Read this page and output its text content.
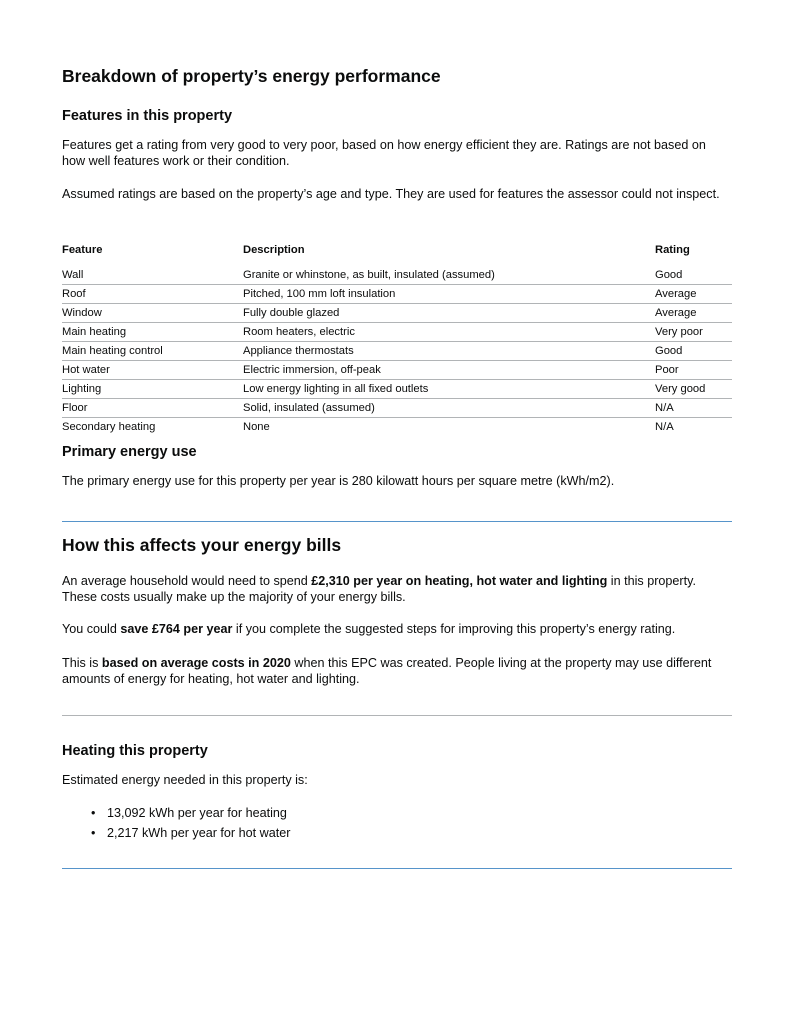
Breakdown of property’s energy performance
Features in this property

Features get a rating from very good to very poor, based on how energy efficient they are. Ratings are not based on how well features work or their condition.

Assumed ratings are based on the property’s age and type. They are used for features the assessor could not inspect.

Feature	Description	Rating
Wall	Granite or whinstone, as built, insulated (assumed)	Good
Roof	Pitched, 100 mm loft insulation	Average
Window	Fully double glazed	Average
Main heating	Room heaters, electric	Very poor
Main heating control	Appliance thermostats	Good
Hot water	Electric immersion, off-peak	Poor
Lighting	Low energy lighting in all fixed outlets	Very good
Floor	Solid, insulated (assumed)	N/A
Secondary heating	None	N/A
Primary energy use

The primary energy use for this property per year is 280 kilowatt hours per square metre (kWh/m2).

How this affects your energy bills

An average household would need to spend £2,310 per year on heating, hot water and lighting in this property. These costs usually make up the majority of your energy bills.

You could save £764 per year if you complete the suggested steps for improving this property’s energy rating.

This is based on average costs in 2020 when this EPC was created. People living at the property may use different amounts of energy for heating, hot water and lighting.

Heating this property

Estimated energy needed in this property is:

• 13,092 kWh per year for heating
• 2,217 kWh per year for hot water
